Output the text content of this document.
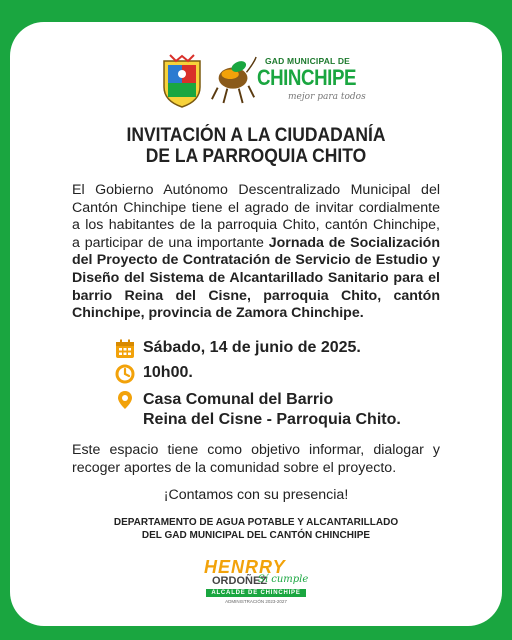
GAD MUNICIPAL DE
CHINCHIPE
mejor para todos
INVITACIÓN A LA CIUDADANÍA
DE LA PARROQUIA CHITO
El Gobierno Autónomo Descentralizado Municipal del Cantón Chinchipe tiene el agrado de invitar cordialmente a los habitantes de la parroquia Chito, cantón Chinchipe, a participar de una importante Jornada de Socialización del Proyecto de Contratación de Servicio de Estudio y Diseño del Sistema de Alcantarillado Sanitario para el barrio Reina del Cisne, parroquia Chito, cantón Chinchipe, provincia de Zamora Chinchipe.
Sábado, 14 de junio de 2025.
10h00.
Casa Comunal del Barrio
Reina del Cisne - Parroquia Chito.
Este espacio tiene como objetivo informar, dialogar y recoger aportes de la comunidad sobre el proyecto.
¡Contamos con su presencia!
DEPARTAMENTO DE AGUA POTABLE Y ALCANTARILLADO
DEL GAD MUNICIPAL DEL CANTÓN CHINCHIPE
HENRRY
ORDOÑEZ
Sí cumple
ALCALDE DE CHINCHIPE
ADMINISTRACIÓN 2023-2027
